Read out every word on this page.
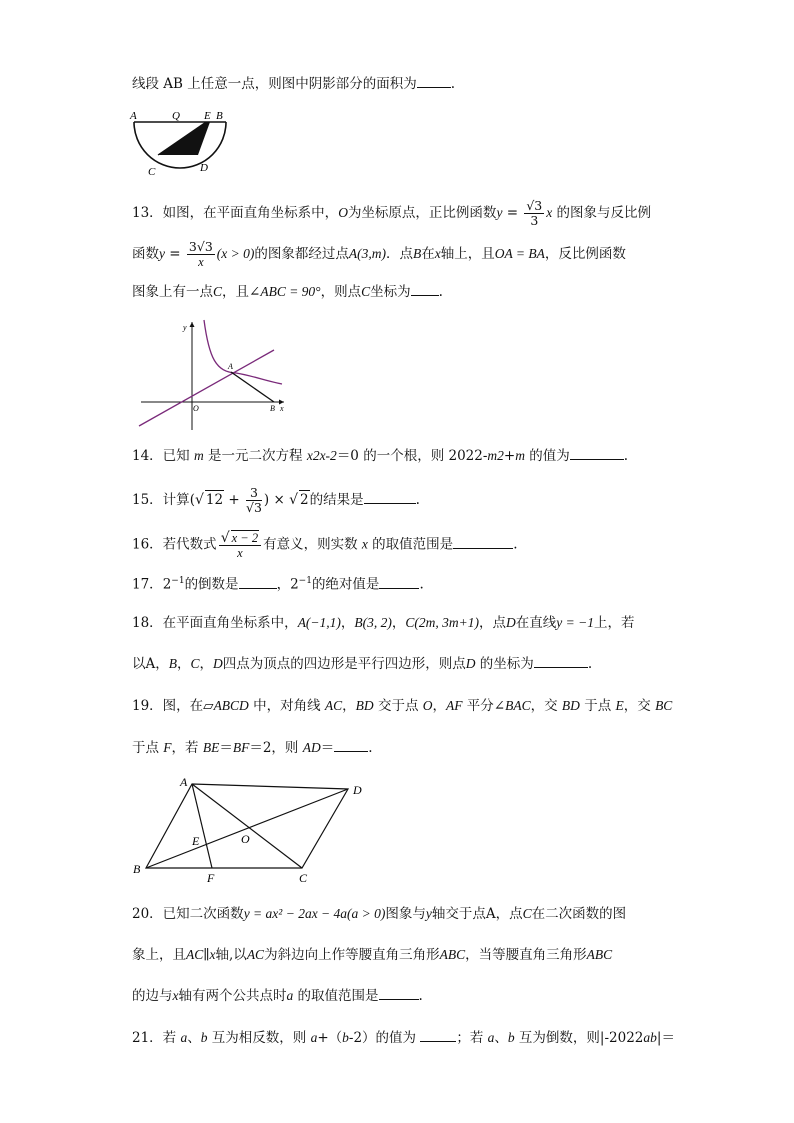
线段 AB 上任意一点，则图中阴影部分的面积为	.
A	Q E B
C	D
13．如图，在平面直角坐标系中，O为坐标原点，正比例函数$y = \frac{√3}{3}$ x 的图象与反比例
函数$y = \frac{3√3}{x} (x > 0)$的图象都经过点A(3,m)．点B在x轴上，且OA = BA，反比例函数
图象上有一点C，且∠ABC = 90°，则点C坐标为 .
y
A
O	B x
14．已知 m 是一元二次方程 x2x-2＝0 的一个根，则 2022-m2+m 的值为	.
15．计算(√ $12 + \frac{3}{√3}$ ) × √ 2的结果是	.
16．若代数式 $\frac{√ x - 2}{x}$ 有意义，则实数 x 的取值范围是	.
17．$2^{-1}$的倒数是	，$2^{-1}$的绝对值是	.
18．在平面直角坐标系中，A(−1,1)，B(3, 2)，C(2m, 3m+1)，点D在直线y = −1上，若
以A，B，C，D四点为顶点的四边形是平行四边形，则点D 的坐标为	.
19．图，在▱ABCD 中，对角线 AC，BD 交于点 O，AF 平分∠BAC，交 BD 于点 E，交 BC
于点 F，若 BE＝BF＝2，则 AD＝	.
A
D
E	O
B
F	C
20．已知二次函数y = ax² − 2ax − 4a(a > 0)图象与y轴交于点A，点C在二次函数的图
象上，且AC∥x轴,以AC为斜边向上作等腰直角三角形ABC，当等腰直角三角形ABC
的边与x轴有两个公共点时a 的取值范围是	.
21．若 a、b 互为相反数，则 a+（b-2）的值为	；若 a、b 互为倒数，则|-2022ab|＝
